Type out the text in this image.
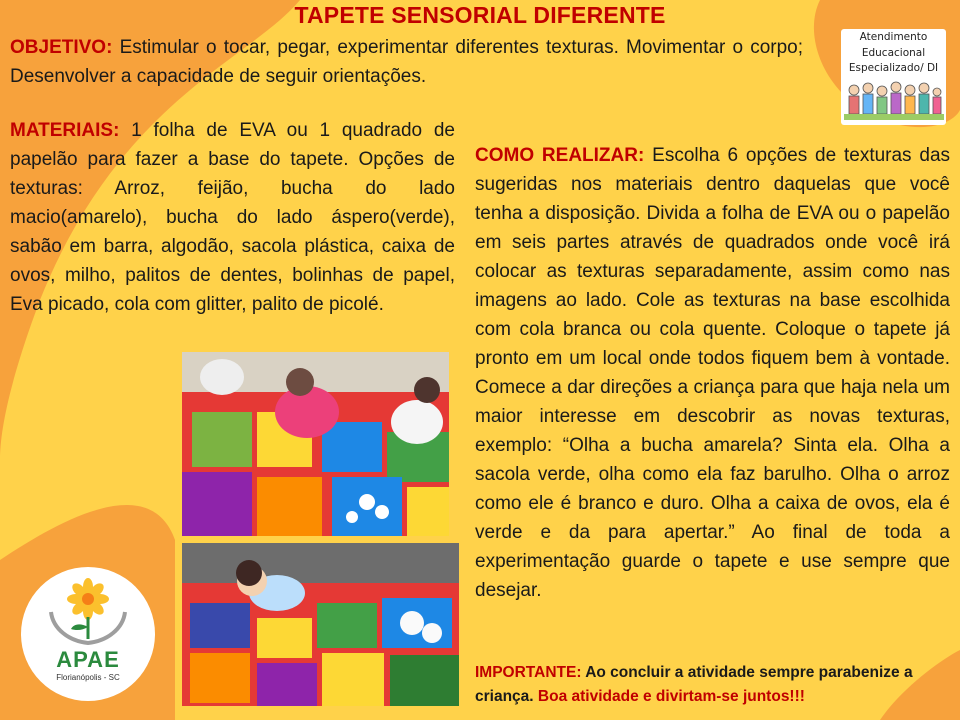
TAPETE SENSORIAL DIFERENTE
OBJETIVO: Estimular o tocar, pegar, experimentar diferentes texturas. Movimentar o corpo; Desenvolver a capacidade de seguir orientações.
MATERIAIS: 1 folha de EVA ou 1 quadrado de papelão para fazer a base do tapete. Opções de texturas: Arroz, feijão, bucha do lado macio(amarelo), bucha do lado áspero(verde), sabão em barra, algodão, sacola plástica, caixa de ovos, milho, palitos de dentes, bolinhas de papel, Eva picado, cola com glitter, palito de picolé.
COMO REALIZAR: Escolha 6 opções de texturas das sugeridas nos materiais dentro daquelas que você tenha a disposição. Divida a folha de EVA ou o papelão em seis partes através de quadrados onde você irá colocar as texturas separadamente, assim como nas imagens ao lado. Cole as texturas na base escolhida com cola branca ou cola quente. Coloque o tapete já pronto em um local onde todos fiquem bem à vontade. Comece a dar direções a criança para que haja nela um maior interesse em descobrir as novas texturas, exemplo: “Olha a bucha amarela? Sinta ela. Olha a sacola verde, olha como ela faz barulho. Olha o arroz como ele é branco e duro. Olha a caixa de ovos, ela é verde e da para apertar.” Ao final de toda a experimentação guarde o tapete e use sempre que desejar.
IMPORTANTE: Ao concluir a atividade sempre parabenize a criança. Boa atividade e divirtam-se juntos!!!
Atendimento
Educacional
Especializado/ DI
APAE
Florianópolis - SC
